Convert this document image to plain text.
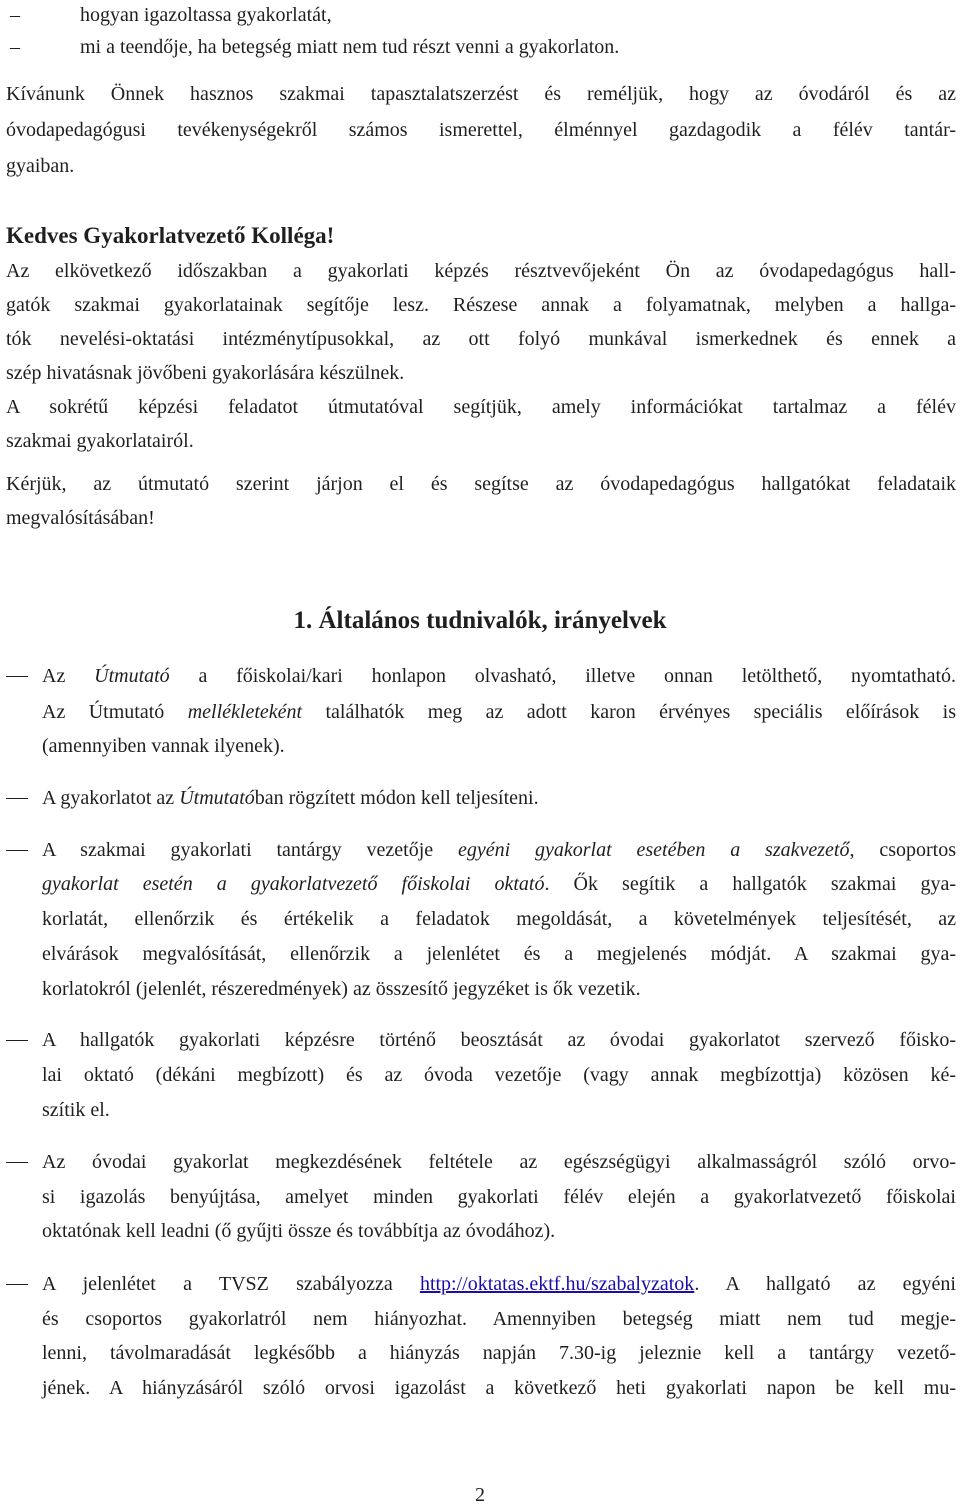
–	hogyan igazoltassa gyakorlatát,

–	mi a teendője, ha betegség miatt nem tud részt venni a gyakorlaton.

Kívánunk Önnek hasznos szakmai tapasztalatszerzést és reméljük, hogy az óvodáról és az

óvodapedagógusi tevékenységekről számos ismerettel, élménnyel gazdagodik a félév tantár-

gyaiban.

Kedves Gyakorlatvezető Kolléga!

Az elkövetkező időszakban a gyakorlati képzés résztvevőjeként Ön az óvodapedagógus hall-

gatók szakmai gyakorlatainak segítője lesz. Részese annak a folyamatnak, melyben a hallga-

tók nevelési-oktatási intézménytípusokkal, az ott folyó munkával ismerkednek és ennek a

szép hivatásnak jövőbeni gyakorlására készülnek.

A sokrétű képzési feladatot útmutatóval segítjük, amely információkat tartalmaz a félév

szakmai gyakorlatairól.

Kérjük, az útmutató szerint járjon el és segítse az óvodapedagógus hallgatókat feladataik

megvalósításában!

1. Általános tudnivalók, irányelvek

Az Útmutató a főiskolai/kari honlapon olvasható, illetve onnan letölthető, nyomtatható.

Az Útmutató mellékleteként találhatók meg az adott karon érvényes speciális előírások is

(amennyiben vannak ilyenek).

A gyakorlatot az Útmutatóban rögzített módon kell teljesíteni.

A szakmai gyakorlati tantárgy vezetője egyéni gyakorlat esetében a szakvezető, csoportos

gyakorlat esetén a gyakorlatvezető főiskolai oktató. Ők segítik a hallgatók szakmai gya-

korlatát, ellenőrzik és értékelik a feladatok megoldását, a követelmények teljesítését, az

elvárások megvalósítását, ellenőrzik a jelenlétet és a megjelenés módját. A szakmai gya-

korlatokról (jelenlét, részeredmények) az összesítő jegyzéket is ők vezetik.

A hallgatók gyakorlati képzésre történő beosztását az óvodai gyakorlatot szervező főisko-

lai oktató (dékáni megbízott) és az óvoda vezetője (vagy annak megbízottja) közösen ké-

szítik el.

Az óvodai gyakorlat megkezdésének feltétele az egészségügyi alkalmasságról szóló orvo-

si igazolás benyújtása, amelyet minden gyakorlati félév elején a gyakorlatvezető főiskolai

oktatónak kell leadni (ő gyűjti össze és továbbítja az óvodához).

A jelenlétet a TVSZ szabályozza http://oktatas.ektf.hu/szabalyzatok. A hallgató az egyéni

és csoportos gyakorlatról nem hiányozhat. Amennyiben betegség miatt nem tud megje-

lenni, távolmaradását legkésőbb a hiányzás napján 7.30-ig jeleznie kell a tantárgy vezető-

jének. A hiányzásáról szóló orvosi igazolást a következő heti gyakorlati napon be kell mu-

2
